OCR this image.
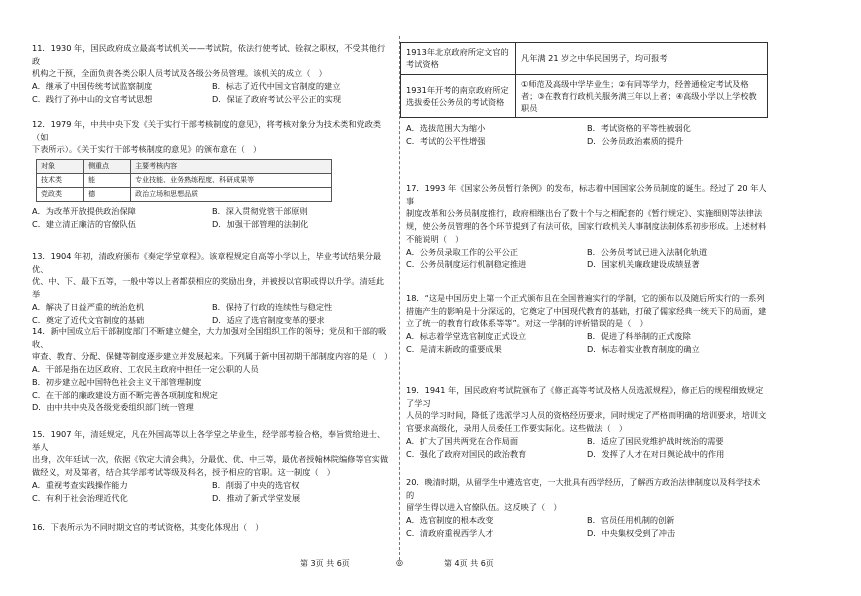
11．1930 年，国民政府成立最高考试机关——考试院，依法行使考试、铨叙之职权，不受其他行政
机构之干预，全面负责各类公职人员考试及各级公务员管理。该机关的成立（　）

A．继承了中国传统考试监察制度	B．标志了近代中国文官制度的建立
C．践行了孙中山的文官考试思想	D．保证了政府考试公平公正的实现

12．1979 年，中共中央下发《关于实行干部考核制度的意见》，将考核对象分为技术类和党政类（如
下表所示）。《关于实行干部考核制度的意见》的颁布意在（　）

对象	侧重点	主要考核内容
技术类	能	专业技能、业务熟练程度、科研成果等
党政类	德	政治立场和思想品质
A．为改革开放提供政治保障	B．深入贯彻党管干部原则
C．建立清正廉洁的官僚队伍	D．加强干部管理的法制化

13．1904 年初，清政府颁布《奏定学堂章程》。该章程规定自高等小学以上，毕业考试结果分最优、
优、中、下、最下五等，一般中等以上者都获相应的奖励出身，并被授以官职或得以升学。清廷此举

A．解决了日益严重的统治危机	B．保持了行政的连续性与稳定性
C．奠定了近代文官制度的基础	D．适应了选官制度变革的要求

14．新中国成立后干部制度部门不断建立健全，大力加强对全国组织工作的领导；党员和干部的吸收、
审查、教育、分配、保健等制度逐步建立并发展起来。下列属于新中国初期干部制度内容的是（　）

A．干部是指在边区政府、工农民主政府中担任一定公职的人员
B．初步建立起中国特色社会主义干部管理制度
C．在干部的廉政建设方面不断完善各项制度和规定
D．由中共中央及各级党委组织部门统一管理

15．1907 年，清廷规定，凡在外国高等以上各学堂之毕业生，经学部考验合格，奉旨赏给进士、举人
出身，次年廷试一次，依据《钦定大清会典》，分最优、优、中三等，最优者授翰林院编修等官实做
做经义，对及第者，结合其学部考试等级及科名，授予相应的官职。这一制度（　）

A．重视考查实践操作能力	B．削弱了中央的选官权
C．有利于社会治理近代化	D．推动了新式学堂发展

16．下表所示为不同时期文官的考试资格，其变化体现出（　）

1913年北京政府所定文官的考试资格	凡年满 21 岁之中华民国男子，均可报考
1931年开考的南京政府所定选拔委任公务员的考试资格	①师范及高级中学毕业生；②有同等学力，经普通检定考试及格者；③在教育行政机关服务满三年以上者；④高级小学以上学校教职员
A．选拔范围大为缩小	B．考试资格的平等性被弱化
C．考试的公平性增强	D．公务员政治素质的提升

17．1993 年《国家公务员暂行条例》的发布，标志着中国国家公务员制度的诞生。经过了 20 年人事
制度改革和公务员制度推行，政府相继出台了数十个与之相配套的《暂行规定》、实施细则等法律法
规，使公务员管理的各个环节提到了有法可依，国家行政机关人事制度法制体系初步形成。上述材料
不能说明（　）

A．公务员录取工作的公平公正	B．公务员考试已进入法制化轨道
C．公务员制度运行机制稳定推进	D．国家机关廉政建设成绩显著

18．“这是中国历史上第一个正式颁布且在全国普遍实行的学制，它的颁布以及随后所实行的一系列
措施产生的影响是十分深远的，它奠定了中国现代教育的基础，打破了儒家经典一统天下的局面，建
立了统一的教育行政体系等等”。对这一学制的评析错误的是（　）

A．标志着学堂选官制度正式设立	B．促进了科举制的正式废除
C．是清末新政的重要成果	D．标志着实业教育制度的确立

19．1941 年，国民政府考试院颁布了《修正高等考试及格人员选派规程》，修正后的规程细致规定了学习
人员的学习时间，降低了选派学习人员的资格经历要求，同时规定了严格而明确的培训要求，培训文
官要求高级化，录用人员委任工作要实际化。这些做法（　）

A．扩大了国共两党在合作局面	B．适应了国民党维护战时统治的需要
C．强化了政府对国民的政治教育	D．发挥了人才在对日舆论战中的作用

20．晚清时期，从留学生中遴选官吏，一大批具有西学经历，了解西方政治法律制度以及科学技术的
留学生得以进入官僚队伍。这反映了（　）

A．选官制度的根本改变	B．官员任用机制的创新
C．清政府重视西学人才	D．中央集权受到了冲击
第 3页 共 6页	◎	第 4页 共 6页
